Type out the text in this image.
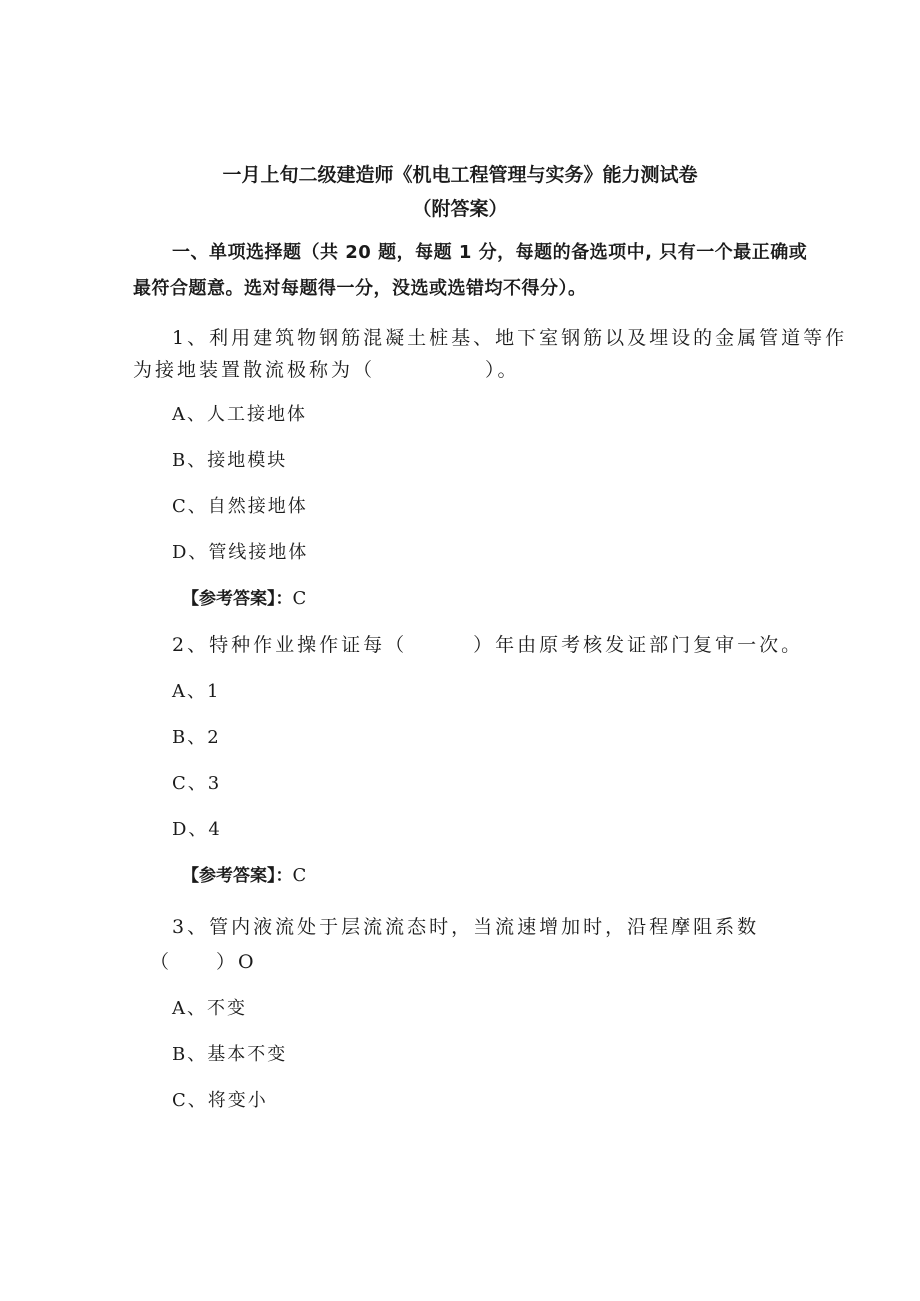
一月上旬二级建造师《机电工程管理与实务》能力测试卷

（附答案）

一、单项选择题（共 20 题，每题 1 分，每题的备选项中, 只有一个最正确或

最符合题意。选对每题得一分，没选或选错均不得分）。

1、利用建筑物钢筋混凝土桩基、地下室钢筋以及埋设的金属管道等作

为接地装置散流极称为（　　　　　）。

A、人工接地体

B、接地模块

C、自然接地体

D、管线接地体

【参考答案】：C

2、特种作业操作证每（　　　）年由原考核发证部门复审一次。

A、1

B、2

C、3

D、4

【参考答案】：C

3、管内液流处于层流流态时，当流速增加时，沿程摩阻系数

（　　）O

A、不变

B、基本不变

C、将变小
